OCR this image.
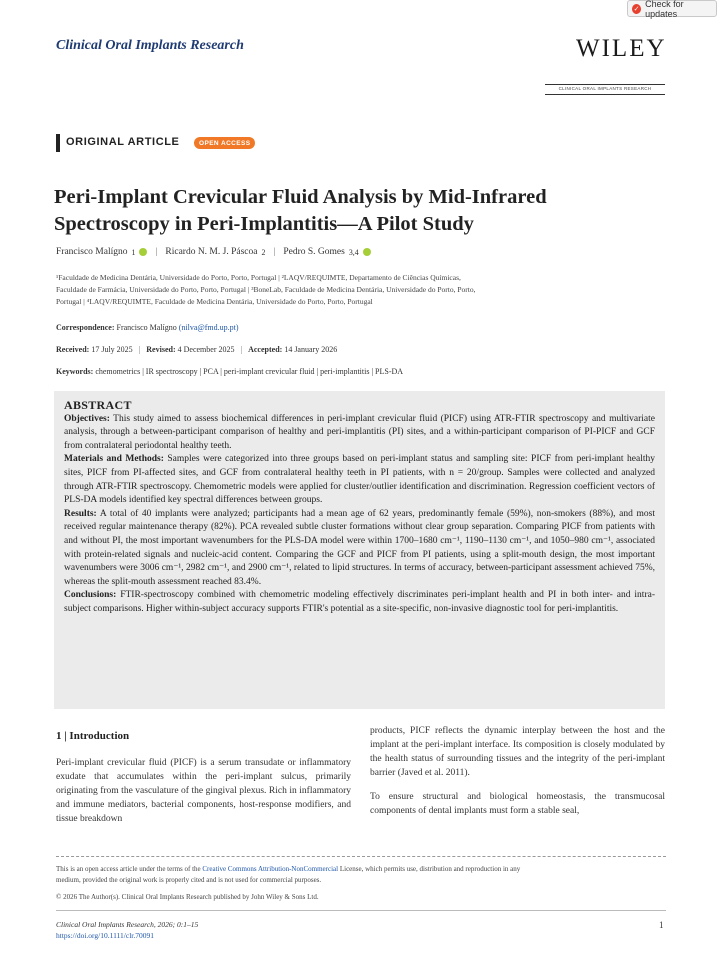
✓
Check for updates
Clinical Oral Implants Research	WILEY
CLINICAL ORAL IMPLANTS RESEARCH
ORIGINAL ARTICLE	OPEN ACCESS
Peri-Implant Crevicular Fluid Analysis by Mid-Infrared
Spectroscopy in Peri-Implantitis—A Pilot Study
Francisco Malígno 1 | Ricardo N. M. J. Páscoa 2 | Pedro S. Gomes 3,4
¹Faculdade de Medicina Dentária, Universidade do Porto, Porto, Portugal | ²LAQV/REQUIMTE, Departamento de Ciências Químicas,
Faculdade de Farmácia, Universidade do Porto, Porto, Portugal | ³BoneLab, Faculdade de Medicina Dentária, Universidade do Porto, Porto,
Portugal | ⁴LAQV/REQUIMTE, Faculdade de Medicina Dentária, Universidade do Porto, Porto, Portugal
Correspondence: Francisco Malígno (nilva@fmd.up.pt)
Received: 17 July 2025 | Revised: 4 December 2025 | Accepted: 14 January 2026
Keywords: chemometrics | IR spectroscopy | PCA | peri-implant crevicular fluid | peri-implantitis | PLS-DA
ABSTRACT

Objectives: This study aimed to assess biochemical differences in peri-implant crevicular fluid (PICF) using ATR-FTIR spectroscopy and multivariate analysis, through a between-participant comparison of healthy and peri-implantitis (PI) sites, and a within-participant comparison of PI-PICF and GCF from contralateral periodontal healthy teeth.

Materials and Methods: Samples were categorized into three groups based on peri-implant status and sampling site: PICF from peri-implant healthy sites, PICF from PI-affected sites, and GCF from contralateral healthy teeth in PI patients, with n = 20/group. Samples were collected and analyzed through ATR-FTIR spectroscopy. Chemometric models were applied for cluster/outlier identification and discrimination. Regression coefficient vectors of PLS-DA models identified key spectral differences between groups.

Results: A total of 40 implants were analyzed; participants had a mean age of 62 years, predominantly female (59%), non-smokers (88%), and most received regular maintenance therapy (82%). PCA revealed subtle cluster formations without clear group separation. Comparing PICF from patients with and without PI, the most important wavenumbers for the PLS-DA model were within 1700–1680 cm⁻¹, 1190–1130 cm⁻¹, and 1050–980 cm⁻¹, associated with protein-related signals and nucleic-acid content. Comparing the GCF and PICF from PI patients, using a split-mouth design, the most important wavenumbers were 3006 cm⁻¹, 2982 cm⁻¹, and 2900 cm⁻¹, related to lipid structures. In terms of accuracy, between-participant assessment achieved 75%, whereas the split-mouth assessment reached 83.4%.

Conclusions: FTIR-spectroscopy combined with chemometric modeling effectively discriminates peri-implant health and PI in both inter- and intra-subject comparisons. Higher within-subject accuracy supports FTIR's potential as a site-specific, non-invasive diagnostic tool for peri-implantitis.

1 | Introduction

Peri-implant crevicular fluid (PICF) is a serum transudate or inflammatory exudate that accumulates within the peri-implant sulcus, primarily originating from the vasculature of the gingival plexus. Rich in inflammatory and immune mediators, bacterial components, host-response modifiers, and tissue breakdown

products, PICF reflects the dynamic interplay between the host and the implant at the peri-implant interface. Its composition is closely modulated by the health status of surrounding tissues and the integrity of the peri-implant barrier (Javed et al. 2011).

To ensure structural and biological homeostasis, the transmucosal components of dental implants must form a stable seal,

This is an open access article under the terms of the Creative Commons Attribution-NonCommercial License, which permits use, distribution and reproduction in any
medium, provided the original work is properly cited and is not used for commercial purposes.
© 2026 The Author(s). Clinical Oral Implants Research published by John Wiley & Sons Ltd.
Clinical Oral Implants Research, 2026; 0:1–15
https://doi.org/10.1111/clr.70091
1
